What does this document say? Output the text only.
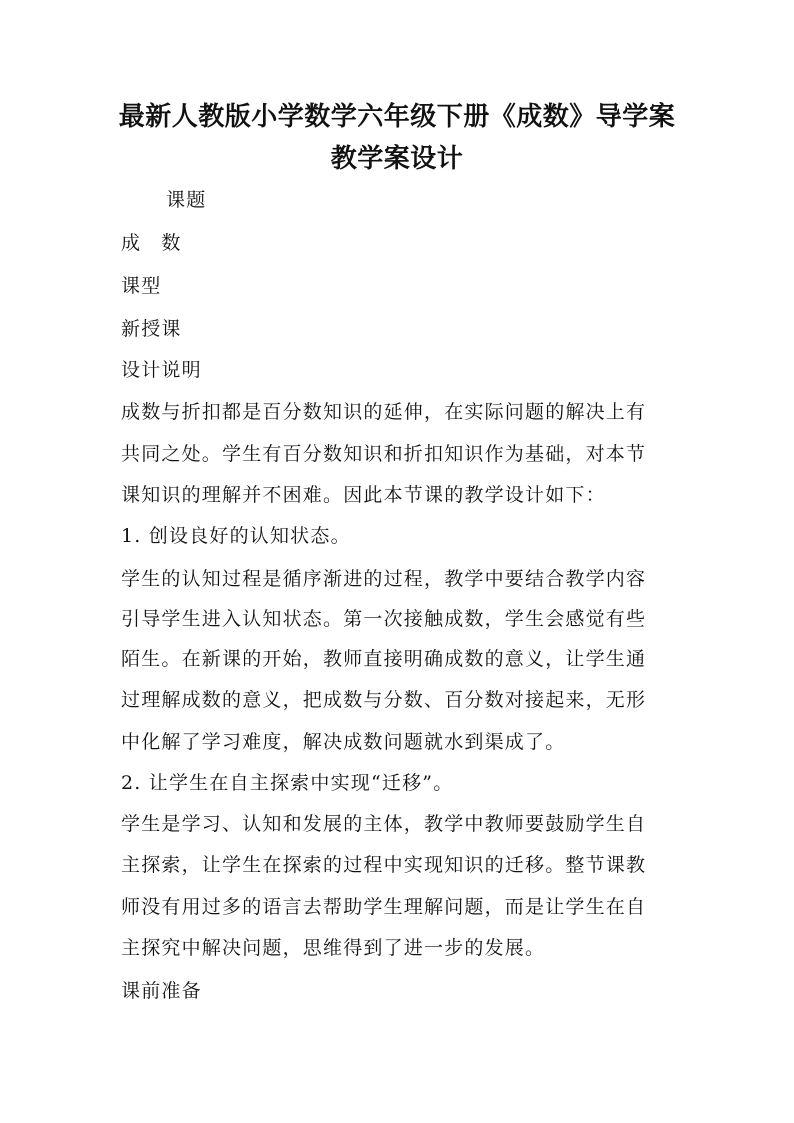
最新人教版小学数学六年级下册《成数》导学案
教学案设计

课题

成　数

课型

新授课

设计说明

成数与折扣都是百分数知识的延伸，在实际问题的解决上有

共同之处。学生有百分数知识和折扣知识作为基础，对本节

课知识的理解并不困难。因此本节课的教学设计如下：

1. 创设良好的认知状态。

学生的认知过程是循序渐进的过程，教学中要结合教学内容

引导学生进入认知状态。第一次接触成数，学生会感觉有些

陌生。在新课的开始，教师直接明确成数的意义，让学生通

过理解成数的意义，把成数与分数、百分数对接起来，无形

中化解了学习难度，解决成数问题就水到渠成了。

2. 让学生在自主探索中实现“迁移”。

学生是学习、认知和发展的主体，教学中教师要鼓励学生自

主探索，让学生在探索的过程中实现知识的迁移。整节课教

师没有用过多的语言去帮助学生理解问题，而是让学生在自

主探究中解决问题，思维得到了进一步的发展。

课前准备
